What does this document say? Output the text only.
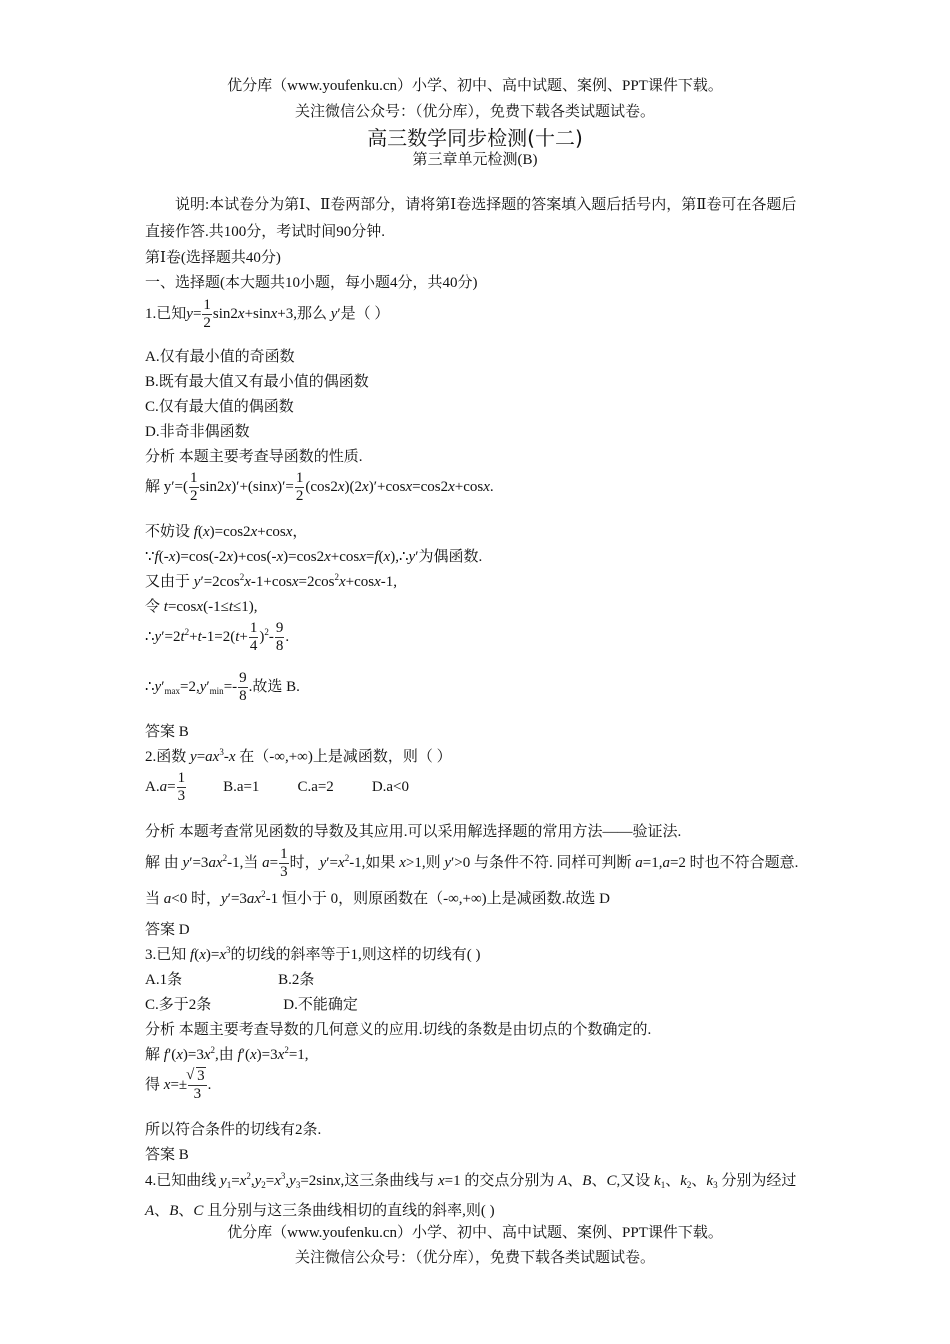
优分库（www.youfenku.cn）小学、初中、高中试题、案例、PPT课件下载。
关注微信公众号：（优分库），免费下载各类试题试卷。
高三数学同步检测(十二)
第三章单元检测(B)
说明:本试卷分为第Ⅰ、Ⅱ卷两部分，请将第Ⅰ卷选择题的答案填入题后括号内，第Ⅱ卷可在各题后直接作答.共100分，考试时间90分钟.
第Ⅰ卷(选择题共40分)
一、选择题(本大题共10小题，每小题4分，共40分)
1.已知$y= \frac{1}{2} \sin 2x+\sin x+3$,那么 y′是（ ）
A.仅有最小值的奇函数
B.既有最大值又有最小值的偶函数
C.仅有最大值的偶函数
D.非奇非偶函数
分析 本题主要考查导函数的性质.
解 $y'=( \frac{1}{2} \sin 2x)'+(\sin x)'= \frac{1}{2} (\cos 2x)(2x)'+\cos x=\cos 2x+\cos x$.
不妨设 f(x)=cos2x+cosx，
∵f(-x)=cos(-2x)+cos(-x)=cos2x+cosx=f(x),∴y′为偶函数.
又由于 $y'=2\cos^2x-1+\cos x=2\cos^2x+\cos x-1$,
令 t=cosx(-1≤t≤1),
$\therefore y'=2t^2+t-1=2(t+ \frac{1}{4} )^2- \frac{9}{8}$ .
$\therefore y'_{max}=2,y'_{min}=- \frac{9}{8}$ .故选 B.
答案 B
2.函数 $y=ax^3-x$ 在（-∞,+∞)上是减函数，则（ ）
$A.a= \frac{1}{3} B.a=1$	C.a=2	D.a<0
分析 本题考查常见函数的导数及其应用.可以采用解选择题的常用方法——验证法.
解 由 $y'=3ax^2-1$,当 $a= \frac{1}{3}$ 时，$y'=x^2-1$,如果 x>1,则 y′>0 与条件不符. 同样可判断 a=1,a=2 时也不符合题意. 当 a<0 时，$y'=3ax^2-1$ 恒小于 0，则原函数在（-∞,+∞)上是减函数.故选 D
答案 D
3.已知 $f(x)=x^3$的切线的斜率等于1,则这样的切线有( )
A.1条	B.2条
C.多于2条	D.不能确定
分析 本题主要考查导数的几何意义的应用.切线的条数是由切点的个数确定的.
解 $f'(x)=3x^2$,由 $f'(x)=3x^2=1$,
得 x=±
√ $\frac{3}{3}$ .
所以符合条件的切线有2条.
答案 B
4.已知曲线 $y_1=x^2,y_2=x^3,y_3=2\sin x$,这三条曲线与 x=1 的交点分别为 A、B、C,又设 $k_1$、$k_2$、$k_3$ 分别为经过 A、B、C 且分别与这三条曲线相切的直线的斜率,则( )
优分库（www.youfenku.cn）小学、初中、高中试题、案例、PPT课件下载。
关注微信公众号：（优分库），免费下载各类试题试卷。
